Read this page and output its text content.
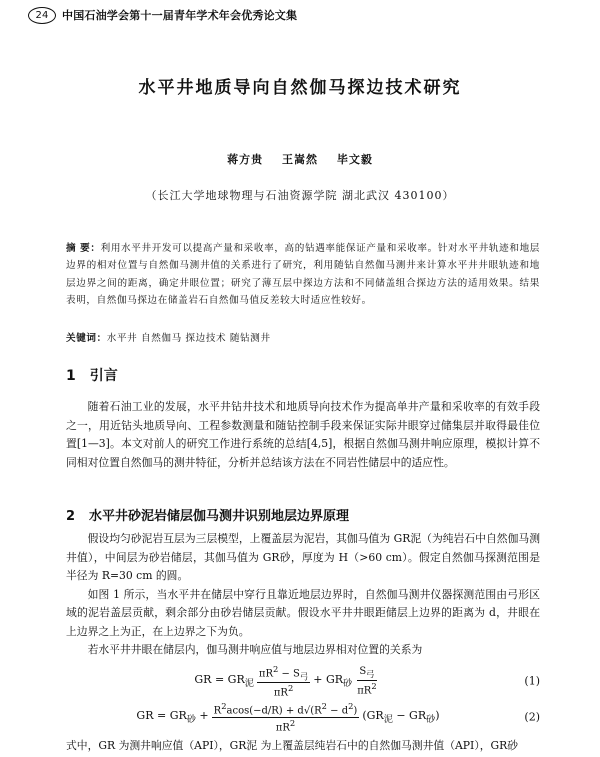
24	中国石油学会第十一届青年学术年会优秀论文集
水平井地质导向自然伽马探边技术研究
蒋方贵 王嵩然 毕文毅
（长江大学地球物理与石油资源学院 湖北武汉 430100）
摘 要：利用水平井开发可以提高产量和采收率，高的钻遇率能保证产量和采收率。针对水平井轨迹和地层边界的相对位置与自然伽马测井值的关系进行了研究，利用随钻自然伽马测井来计算水平井井眼轨迹和地层边界之间的距离，确定井眼位置；研究了薄互层中探边方法和不同储盖组合探边方法的适用效果。结果表明，自然伽马探边在储盖岩石自然伽马值反差较大时适应性较好。
关键词：水平井 自然伽马 探边技术 随钻测井
1 引言

随着石油工业的发展，水平井钻井技术和地质导向技术作为提高单井产量和采收率的有效手段之一，用近钻头地质导向、工程参数测量和随钻控制手段来保证实际井眼穿过储集层并取得最佳位置[1—3]。本文对前人的研究工作进行系统的总结[4,5]，根据自然伽马测井响应原理，模拟计算不同相对位置自然伽马的测井特征，分析并总结该方法在不同岩性储层中的适应性。

2 水平井砂泥岩储层伽马测井识别地层边界原理

假设均匀砂泥岩互层为三层模型，上覆盖层为泥岩，其伽马值为 GR泥（为纯岩石中自然伽马测井值），中间层为砂岩储层，其伽马值为 GR砂，厚度为 H（>60 cm）。假定自然伽马探测范围是半径为 R=30 cm 的圆。

如图 1 所示，当水平井在储层中穿行且靠近地层边界时，自然伽马测井仪器探测范围由弓形区域的泥岩盖层贡献，剩余部分由砂岩储层贡献。假设水平井井眼距储层上边界的距离为 d，井眼在上边界之上为正，在上边界之下为负。

若水平井井眼在储层内，伽马测井响应值与地层边界相对位置的关系为

GR = $GR_泥 \frac{\pi R^2 - S_弓}{\pi R^2} + GR_砂 \frac{S_弓}{\pi R^2}$	(1)
GR = $GR_砂 + \frac{R^2acos(-d/R) + d√(R^2 - d^2)}{\pi R^2} (GR_泥 - GR_砂)$	(2)
式中，GR 为测井响应值（API），GR泥 为上覆盖层纯岩石中的自然伽马测井值（API），GR砂
